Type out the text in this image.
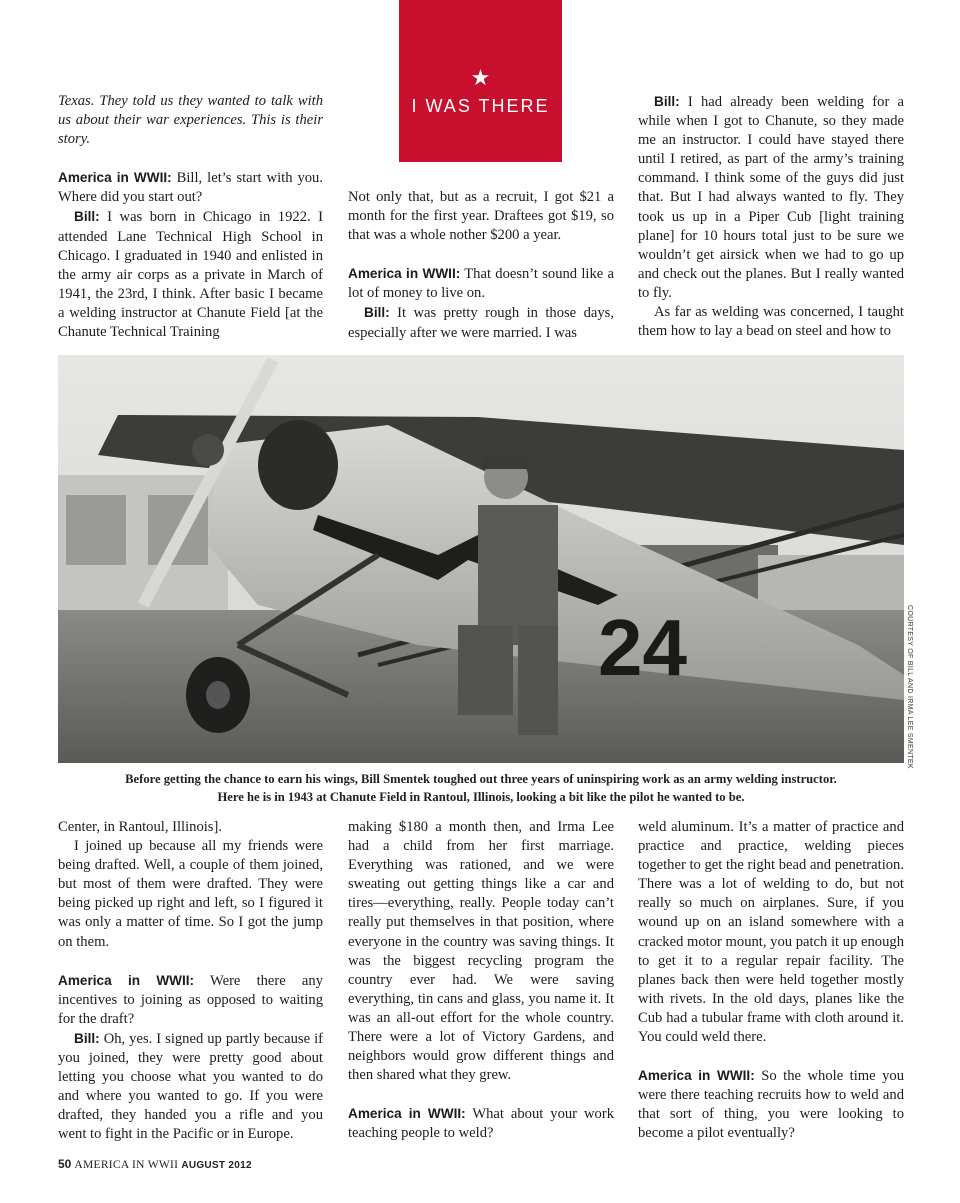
★
I WAS THERE

Texas. They told us they wanted to talk with us about their war experiences. This is their story.

America in WWII: Bill, let’s start with you. Where did you start out?

Bill: I was born in Chicago in 1922. I attended Lane Technical High School in Chicago. I graduated in 1940 and enlisted in the army air corps as a private in March of 1941, the 23rd, I think. After basic I became a welding instructor at Chanute Field [at the Chanute Technical Training

Not only that, but as a recruit, I got $21 a month for the first year. Draftees got $19, so that was a whole nother $200 a year.

America in WWII: That doesn’t sound like a lot of money to live on.

Bill: It was pretty rough in those days, especially after we were married. I was

Bill: I had already been welding for a while when I got to Chanute, so they made me an instructor. I could have stayed there until I retired, as part of the army’s training command. I think some of the guys did just that. But I had always wanted to fly. They took us up in a Piper Cub [light training plane] for 10 hours total just to be sure we wouldn’t get airsick when we had to go up and check out the planes. But I really wanted to fly.

As far as welding was concerned, I taught them how to lay a bead on steel and how to

24	COURTESY OF BILL AND IRMA LEE SMENTEK
Before getting the chance to earn his wings, Bill Smentek toughed out three years of uninspiring work as an army welding instructor.
Here he is in 1943 at Chanute Field in Rantoul, Illinois, looking a bit like the pilot he wanted to be.

Center, in Rantoul, Illinois].

I joined up because all my friends were being drafted. Well, a couple of them joined, but most of them were drafted. They were being picked up right and left, so I figured it was only a matter of time. So I got the jump on them.

America in WWII: Were there any incentives to joining as opposed to waiting for the draft?

Bill: Oh, yes. I signed up partly because if you joined, they were pretty good about letting you choose what you wanted to do and where you wanted to go. If you were drafted, they handed you a rifle and you went to fight in the Pacific or in Europe.

making $180 a month then, and Irma Lee had a child from her first marriage. Everything was rationed, and we were sweating out getting things like a car and tires—everything, really. People today can’t really put themselves in that position, where everyone in the country was saving things. It was the biggest recycling program the country ever had. We were saving everything, tin cans and glass, you name it. It was an all-out effort for the whole country. There were a lot of Victory Gardens, and neighbors would grow different things and then shared what they grew.

America in WWII: What about your work teaching people to weld?

weld aluminum. It’s a matter of practice and practice and practice, welding pieces together to get the right bead and penetration. There was a lot of welding to do, but not really so much on airplanes. Sure, if you wound up on an island somewhere with a cracked motor mount, you patch it up enough to get it to a regular repair facility. The planes back then were held together mostly with rivets. In the old days, planes like the Cub had a tubular frame with cloth around it. You could weld there.

America in WWII: So the whole time you were there teaching recruits how to weld and that sort of thing, you were looking to become a pilot eventually?

50 AMERICA IN WWII AUGUST 2012
